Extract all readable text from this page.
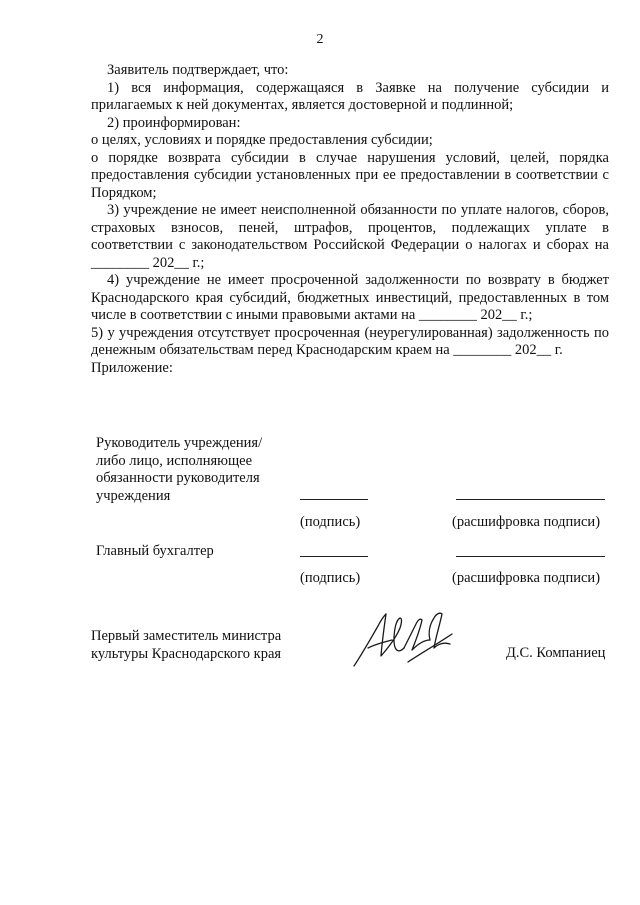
2

Заявитель подтверждает, что:

1) вся информация, содержащаяся в Заявке на получение субсидии и прилагаемых к ней документах, является достоверной и подлинной;

2) проинформирован:

о целях, условиях и порядке предоставления субсидии;

о порядке возврата субсидии в случае нарушения условий, целей, порядка предоставления субсидии установленных при ее предоставлении в соответствии с Порядком;

3) учреждение не имеет неисполненной обязанности по уплате налогов, сборов, страховых взносов, пеней, штрафов, процентов, подлежащих уплате в соответствии с законодательством Российской Федерации о налогах и сборах на ________ 202__ г.;

4) учреждение не имеет просроченной задолженности по возврату в бюджет Краснодарского края субсидий, бюджетных инвестиций, предоставленных в том числе в соответствии с иными правовыми актами на ________ 202__ г.;

5) у учреждения отсутствует просроченная (неурегулированная) задолженность по денежным обязательствам перед Краснодарским краем на ________ 202__ г.

Приложение:

Руководитель учреждения/
либо лицо, исполняющее
обязанности руководителя
учреждения
(подпись)	(расшифровка подписи)
Главный бухгалтер
(подпись)	(расшифровка подписи)
Первый заместитель министра
культуры Краснодарского края	Д.С. Компаниец
